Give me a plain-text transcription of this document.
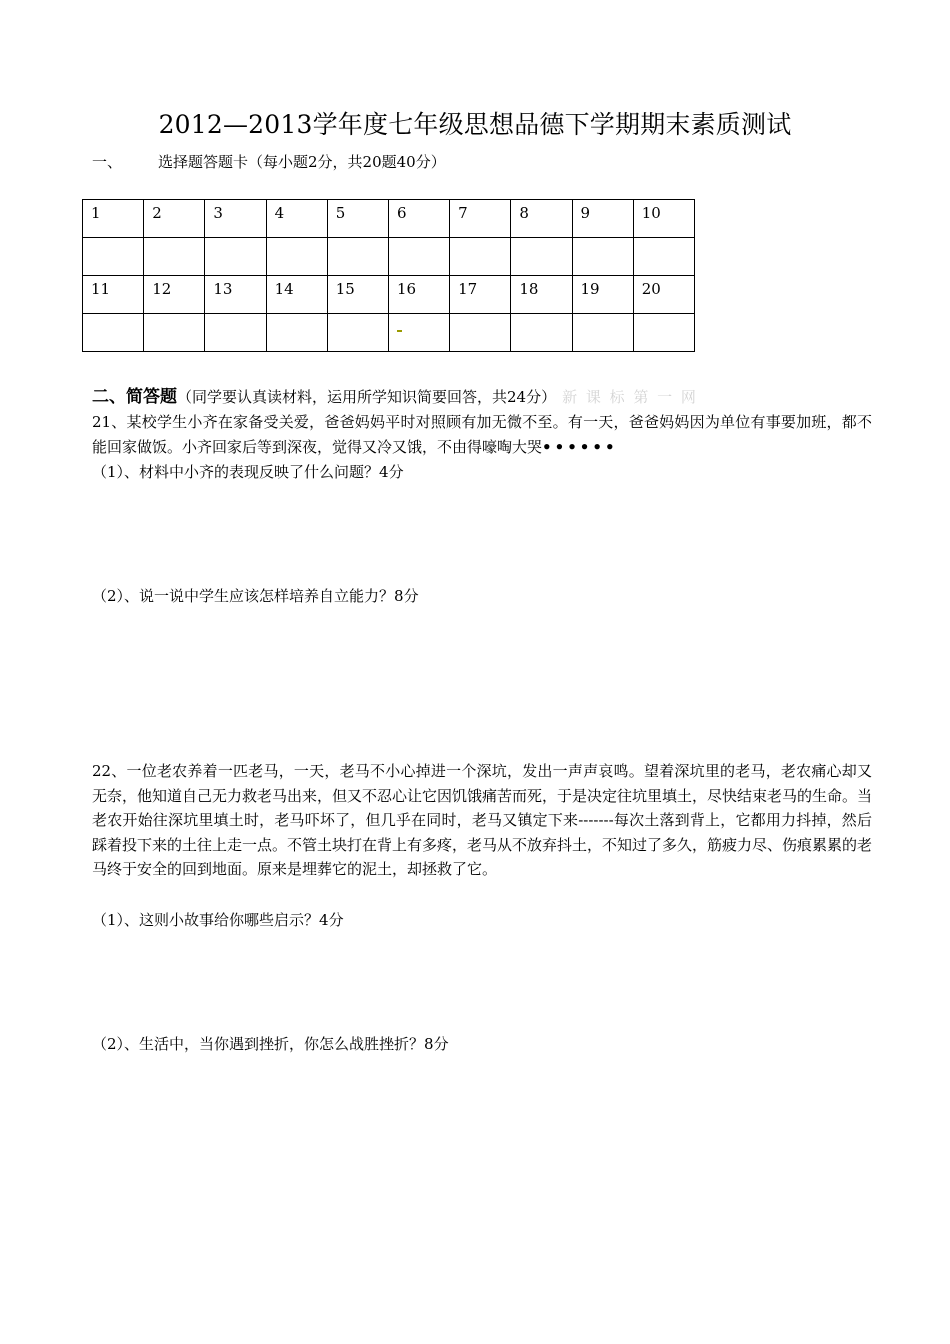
2012—2013学年度七年级思想品德下学期期末素质测试
一、 选择题答题卡（每小题2分，共20题40分）
1	2	3	4	5	6	7	8	9	10

11	12	13	14	15	16	17	18	19	20

二、简答题（同学要认真读材料，运用所学知识简要回答，共24分） 新 课 标 第 一 网
21、某校学生小齐在家备受关爱，爸爸妈妈平时对照顾有加无微不至。有一天，爸爸妈妈因为单位有事要加班，都不能回家做饭。小齐回家后等到深夜，觉得又冷又饿，不由得嚎啕大哭••••••
（1）、材料中小齐的表现反映了什么问题？4分
（2）、说一说中学生应该怎样培养自立能力？8分
22、一位老农养着一匹老马，一天，老马不小心掉进一个深坑，发出一声声哀鸣。望着深坑里的老马，老农痛心却又无奈，他知道自己无力救老马出来，但又不忍心让它因饥饿痛苦而死，于是决定往坑里填土，尽快结束老马的生命。当老农开始往深坑里填土时，老马吓坏了，但几乎在同时，老马又镇定下来-------每次土落到背上，它都用力抖掉，然后踩着投下来的土往上走一点。不管土块打在背上有多疼，老马从不放弃抖土，不知过了多久，筋疲力尽、伤痕累累的老马终于安全的回到地面。原来是埋葬它的泥土，却拯救了它。
（1）、这则小故事给你哪些启示？4分
（2）、生活中，当你遇到挫折，你怎么战胜挫折？8分
